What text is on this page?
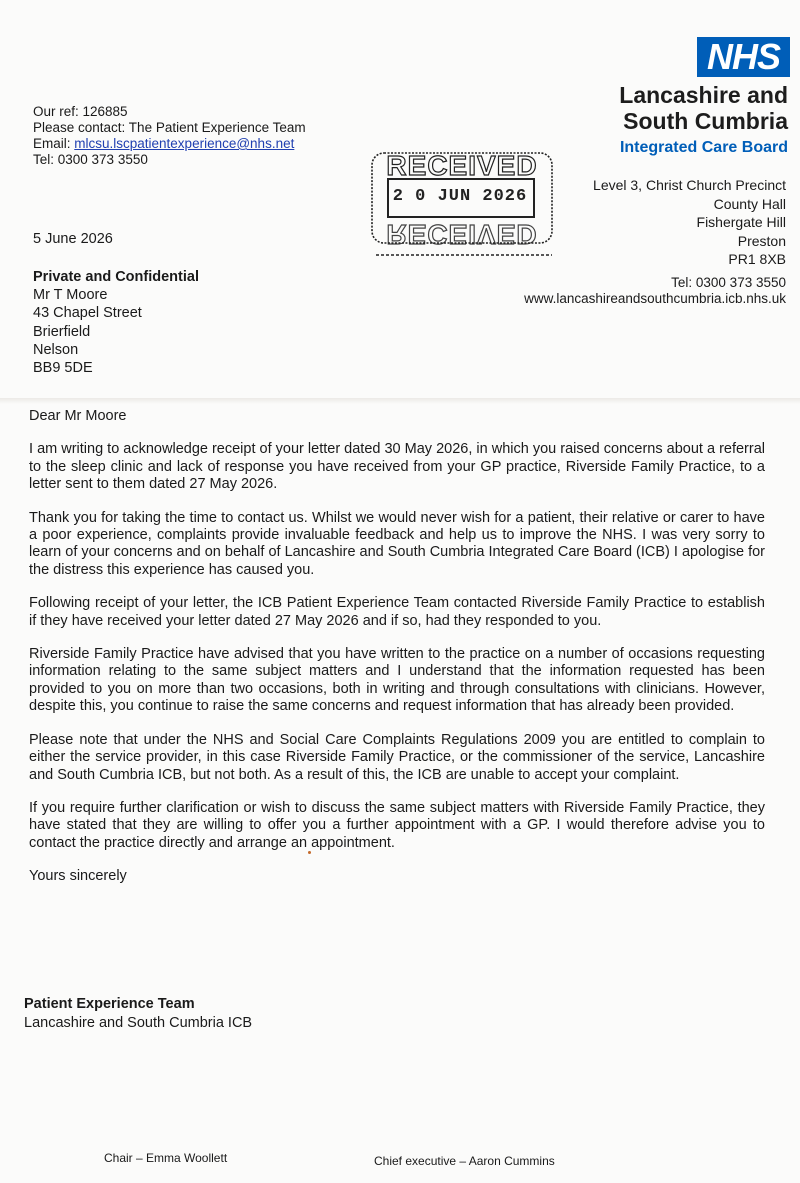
NHS
Lancashire and
South Cumbria
Integrated Care Board
Level 3, Christ Church Precinct
County Hall
Fishergate Hill
Preston
PR1 8XB
Tel: 0300 373 3550
www.lancashireandsouthcumbria.icb.nhs.uk
Our ref: 126885
Please contact: The Patient Experience Team
Email: mlcsu.lscpatientexperience@nhs.net
Tel: 0300 373 3550	RECEIVED
RECEIVED
2 0 JUN 2026
5 June 2026
Private and Confidential
Mr T Moore
43 Chapel Street
Brierfield
Nelson
BB9 5DE

Dear Mr Moore

I am writing to acknowledge receipt of your letter dated 30 May 2026, in which you raised concerns about a referral to the sleep clinic and lack of response you have received from your GP practice, Riverside Family Practice, to a letter sent to them dated 27 May 2026.

Thank you for taking the time to contact us. Whilst we would never wish for a patient, their relative or carer to have a poor experience, complaints provide invaluable feedback and help us to improve the NHS. I was very sorry to learn of your concerns and on behalf of Lancashire and South Cumbria Integrated Care Board (ICB) I apologise for the distress this experience has caused you.

Following receipt of your letter, the ICB Patient Experience Team contacted Riverside Family Practice to establish if they have received your letter dated 27 May 2026 and if so, had they responded to you.

Riverside Family Practice have advised that you have written to the practice on a number of occasions requesting information relating to the same subject matters and I understand that the information requested has been provided to you on more than two occasions, both in writing and through consultations with clinicians. However, despite this, you continue to raise the same concerns and request information that has already been provided.

Please note that under the NHS and Social Care Complaints Regulations 2009 you are entitled to complain to either the service provider, in this case Riverside Family Practice, or the commissioner of the service, Lancashire and South Cumbria ICB, but not both. As a result of this, the ICB are unable to accept your complaint.

If you require further clarification or wish to discuss the same subject matters with Riverside Family Practice, they have stated that they are willing to offer you a further appointment with a GP. I would therefore advise you to contact the practice directly and arrange an appointment.

Yours sincerely

Patient Experience Team
Lancashire and South Cumbria ICB
Chair – Emma Woollett	Chief executive – Aaron Cummins
